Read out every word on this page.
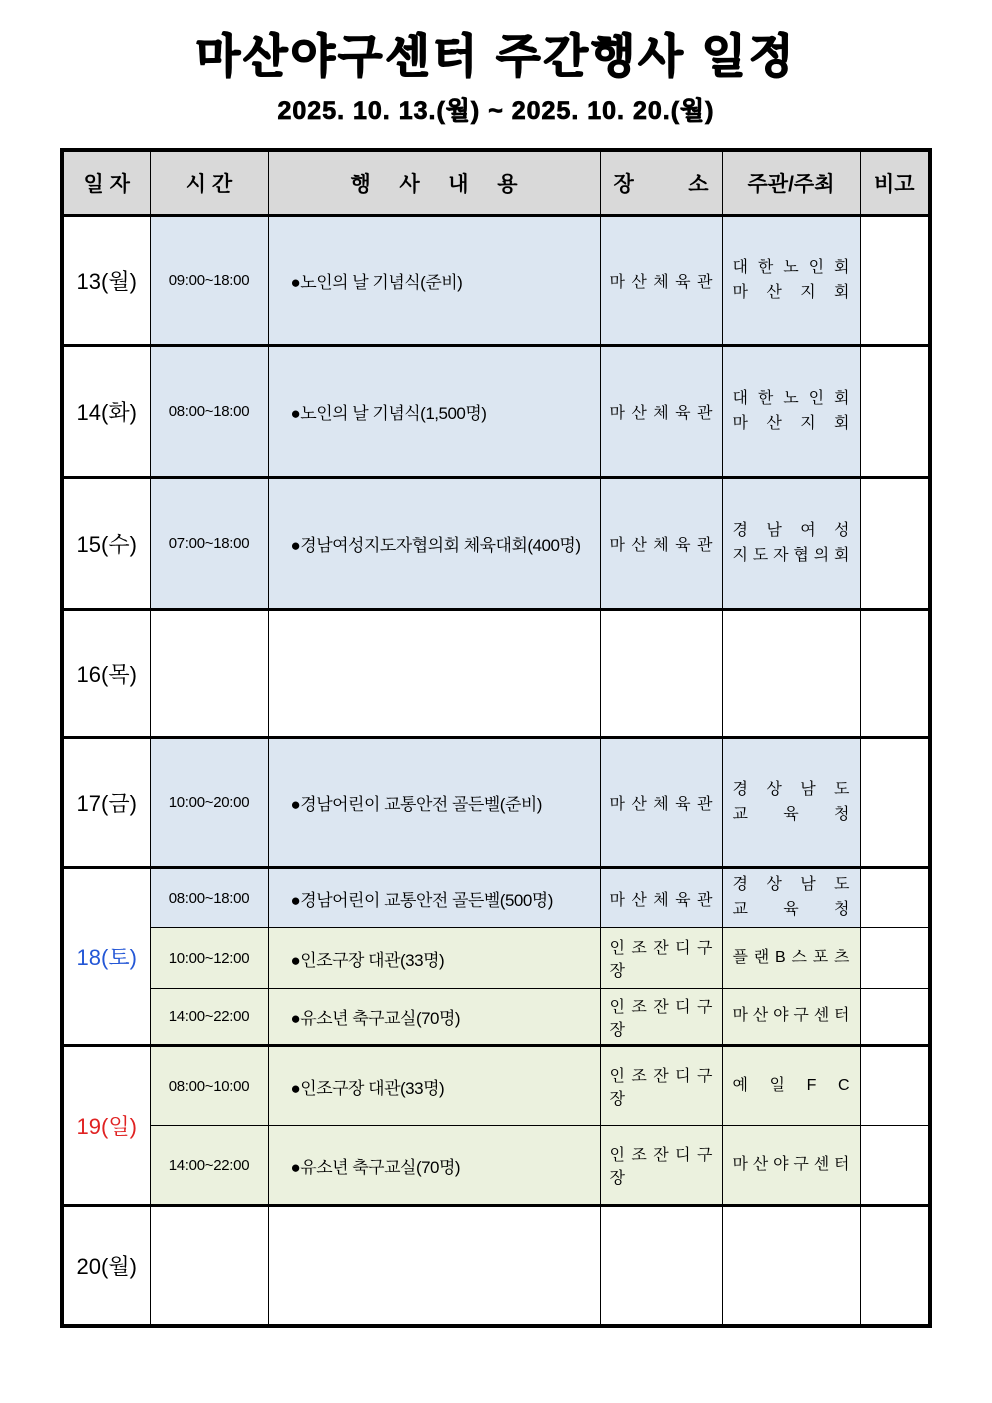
마산야구센터 주간행사 일정
2025. 10. 13.(월) ~ 2025. 10. 20.(월)
일 자	시 간	행 사 내 용	장 소	주관/주최	비고
13(월)	09:00~18:00	●노인의 날 기념식(준비)	마 산 체 육 관	대 한 노 인 회
마 산 지 회	

14(화)	08:00~18:00	●노인의 날 기념식(1,500명)	마 산 체 육 관	대 한 노 인 회
마 산 지 회	

15(수)	07:00~18:00	●경남여성지도자협의회 체육대회(400명)	마 산 체 육 관	경 남 여 성
지 도 자 협 의 회	

16(목)					
17(금)	10:00~20:00	●경남어린이 교통안전 골든벨(준비)	마 산 체 육 관	경 상 남 도
교 육 청	

18(토)	08:00~18:00	●경남어린이 교통안전 골든벨(500명)	마 산 체 육 관	경 상 남 도
교 육 청	

	10:00~12:00	●인조구장 대관(33명)	인 조 잔 디 구 장	플 랜 B 스 포 츠	

	14:00~22:00	●유소년 축구교실(70명)	인 조 잔 디 구 장	마 산 야 구 센 터	

19(일)	08:00~10:00	●인조구장 대관(33명)	인 조 잔 디 구 장	예 일 F C	

	14:00~22:00	●유소년 축구교실(70명)	인 조 잔 디 구 장	마 산 야 구 센 터	

20(월)					
